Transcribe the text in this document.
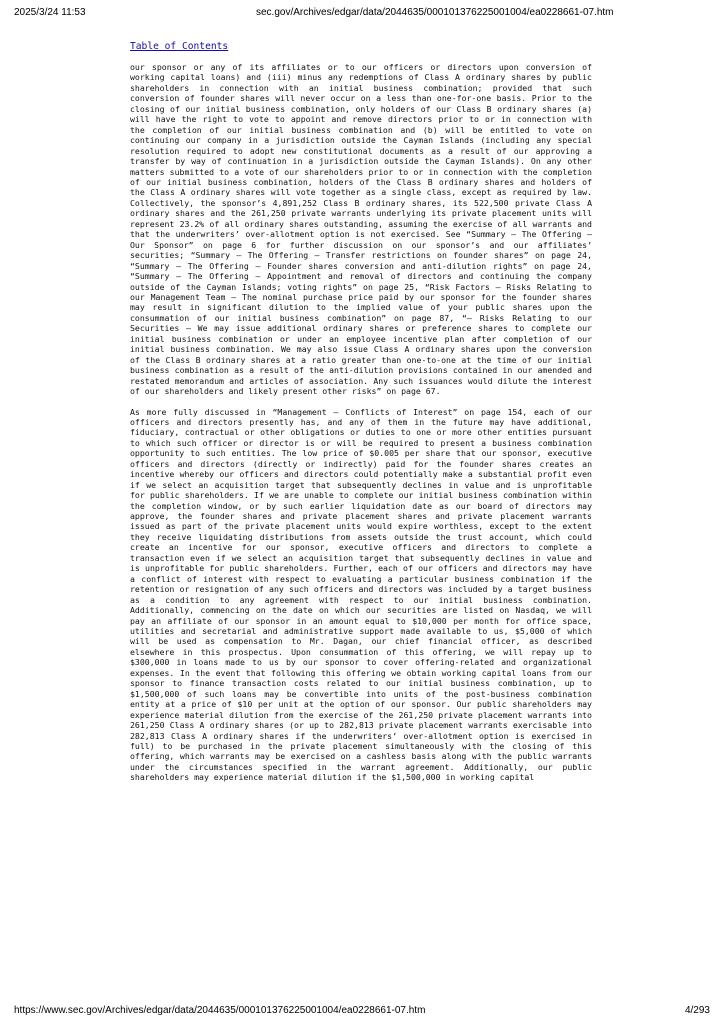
2025/3/24 11:53	sec.gov/Archives/edgar/data/2044635/000101376225001004/ea0228661-07.htm
Table of Contents

our sponsor or any of its affiliates or to our officers or directors upon conversion of working capital loans) and (iii) minus any redemptions of Class A ordinary shares by public shareholders in connection with an initial business combination; provided that such conversion of founder shares will never occur on a less than one-for-one basis. Prior to the closing of our initial business combination, only holders of our Class B ordinary shares (a) will have the right to vote to appoint and remove directors prior to or in connection with the completion of our initial business combination and (b) will be entitled to vote on continuing our company in a jurisdiction outside the Cayman Islands (including any special resolution required to adopt new constitutional documents as a result of our approving a transfer by way of continuation in a jurisdiction outside the Cayman Islands). On any other matters submitted to a vote of our shareholders prior to or in connection with the completion of our initial business combination, holders of the Class B ordinary shares and holders of the Class A ordinary shares will vote together as a single class, except as required by law. Collectively, the sponsor’s 4,891,252 Class B ordinary shares, its 522,500 private Class A ordinary shares and the 261,250 private warrants underlying its private placement units will represent 23.2% of all ordinary shares outstanding, assuming the exercise of all warrants and that the underwriters’ over-allotment option is not exercised. See “Summary — The Offering — Our Sponsor” on page 6 for further discussion on our sponsor’s and our affiliates’ securities; “Summary — The Offering — Transfer restrictions on founder shares” on page 24, “Summary — The Offering — Founder shares conversion and anti-dilution rights” on page 24, “Summary — The Offering — Appointment and removal of directors and continuing the company outside of the Cayman Islands; voting rights” on page 25, “Risk Factors — Risks Relating to our Management Team — The nominal purchase price paid by our sponsor for the founder shares may result in significant dilution to the implied value of your public shares upon the consummation of our initial business combination” on page 87, “— Risks Relating to our Securities — We may issue additional ordinary shares or preference shares to complete our initial business combination or under an employee incentive plan after completion of our initial business combination. We may also issue Class A ordinary shares upon the conversion of the Class B ordinary shares at a ratio greater than one-to-one at the time of our initial business combination as a result of the anti-dilution provisions contained in our amended and restated memorandum and articles of association. Any such issuances would dilute the interest of our shareholders and likely present other risks” on page 67.

As more fully discussed in “Management — Conflicts of Interest” on page 154, each of our officers and directors presently has, and any of them in the future may have additional, fiduciary, contractual or other obligations or duties to one or more other entities pursuant to which such officer or director is or will be required to present a business combination opportunity to such entities. The low price of $0.005 per share that our sponsor, executive officers and directors (directly or indirectly) paid for the founder shares creates an incentive whereby our officers and directors could potentially make a substantial profit even if we select an acquisition target that subsequently declines in value and is unprofitable for public shareholders. If we are unable to complete our initial business combination within the completion window, or by such earlier liquidation date as our board of directors may approve, the founder shares and private placement shares and private placement warrants issued as part of the private placement units would expire worthless, except to the extent they receive liquidating distributions from assets outside the trust account, which could create an incentive for our sponsor, executive officers and directors to complete a transaction even if we select an acquisition target that subsequently declines in value and is unprofitable for public shareholders. Further, each of our officers and directors may have a conflict of interest with respect to evaluating a particular business combination if the retention or resignation of any such officers and directors was included by a target business as a condition to any agreement with respect to our initial business combination. Additionally, commencing on the date on which our securities are listed on Nasdaq, we will pay an affiliate of our sponsor in an amount equal to $10,000 per month for office space, utilities and secretarial and administrative support made available to us, $5,000 of which will be used as compensation to Mr. Dagan, our chief financial officer, as described elsewhere in this prospectus. Upon consummation of this offering, we will repay up to $300,000 in loans made to us by our sponsor to cover offering-related and organizational expenses. In the event that following this offering we obtain working capital loans from our sponsor to finance transaction costs related to our initial business combination, up to $1,500,000 of such loans may be convertible into units of the post-business combination entity at a price of $10 per unit at the option of our sponsor. Our public shareholders may experience material dilution from the exercise of the 261,250 private placement warrants into 261,250 Class A ordinary shares (or up to 282,813 private placement warrants exercisable into 282,813 Class A ordinary shares if the underwriters’ over-allotment option is exercised in full) to be purchased in the private placement simultaneously with the closing of this offering, which warrants may be exercised on a cashless basis along with the public warrants under the circumstances specified in the warrant agreement. Additionally, our public shareholders may experience material dilution if the $1,500,000 in working capital

https://www.sec.gov/Archives/edgar/data/2044635/000101376225001004/ea0228661-07.htm	4/293
